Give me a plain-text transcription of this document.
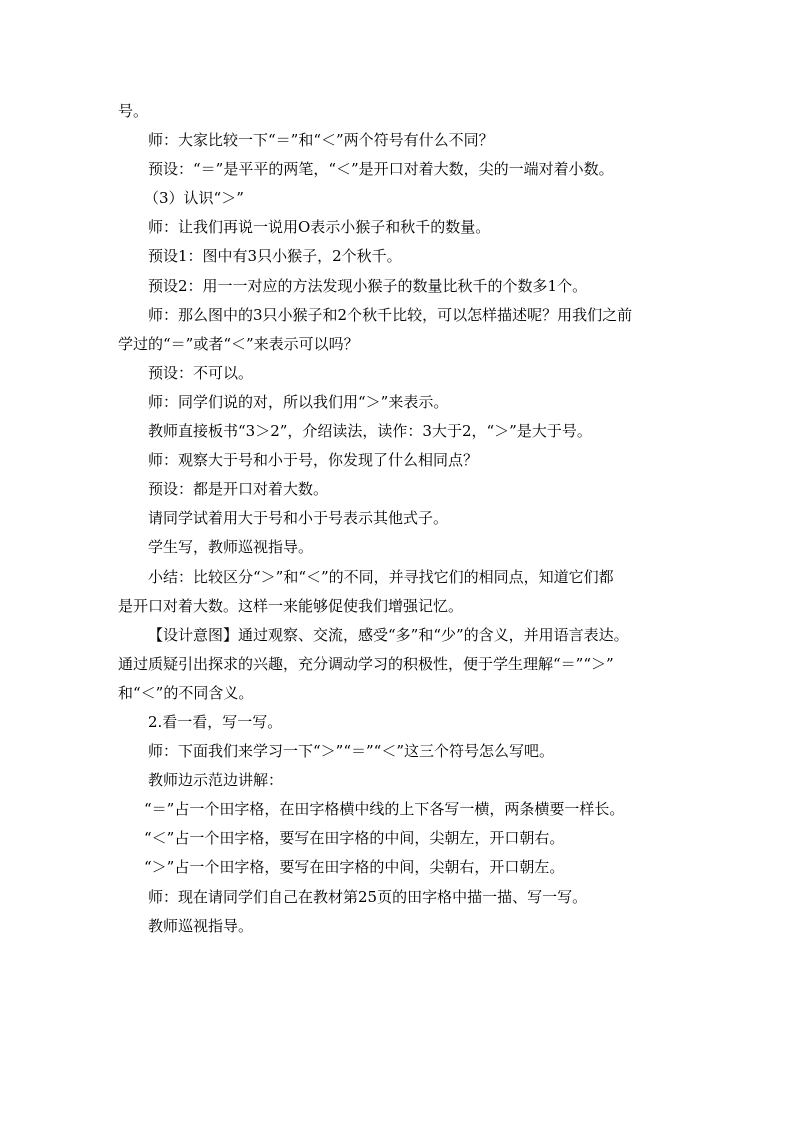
号。

师：大家比较一下“＝”和“＜”两个符号有什么不同？

预设：“＝”是平平的两笔，“＜”是开口对着大数，尖的一端对着小数。

（3）认识“＞”

师：让我们再说一说用O表示小猴子和秋千的数量。

预设1：图中有3只小猴子，2个秋千。

预设2：用一一对应的方法发现小猴子的数量比秋千的个数多1个。

师：那么图中的3只小猴子和2个秋千比较，可以怎样描述呢？用我们之前

学过的“＝”或者“＜”来表示可以吗？

预设：不可以。

师：同学们说的对，所以我们用“＞”来表示。

教师直接板书“3＞2”，介绍读法，读作：3大于2，“＞”是大于号。

师：观察大于号和小于号，你发现了什么相同点？

预设：都是开口对着大数。

请同学试着用大于号和小于号表示其他式子。

学生写，教师巡视指导。

小结：比较区分“＞”和“＜”的不同，并寻找它们的相同点，知道它们都

是开口对着大数。这样一来能够促使我们增强记忆。

【设计意图】通过观察、交流，感受“多”和“少”的含义，并用语言表达。

通过质疑引出探求的兴趣，充分调动学习的积极性，便于学生理解“＝”“＞”

和“＜”的不同含义。

2.看一看，写一写。

师：下面我们来学习一下“＞”“＝”“＜”这三个符号怎么写吧。

教师边示范边讲解：

“＝”占一个田字格，在田字格横中线的上下各写一横，两条横要一样长。

“＜”占一个田字格，要写在田字格的中间，尖朝左，开口朝右。

“＞”占一个田字格，要写在田字格的中间，尖朝右，开口朝左。

师：现在请同学们自己在教材第25页的田字格中描一描、写一写。

教师巡视指导。
